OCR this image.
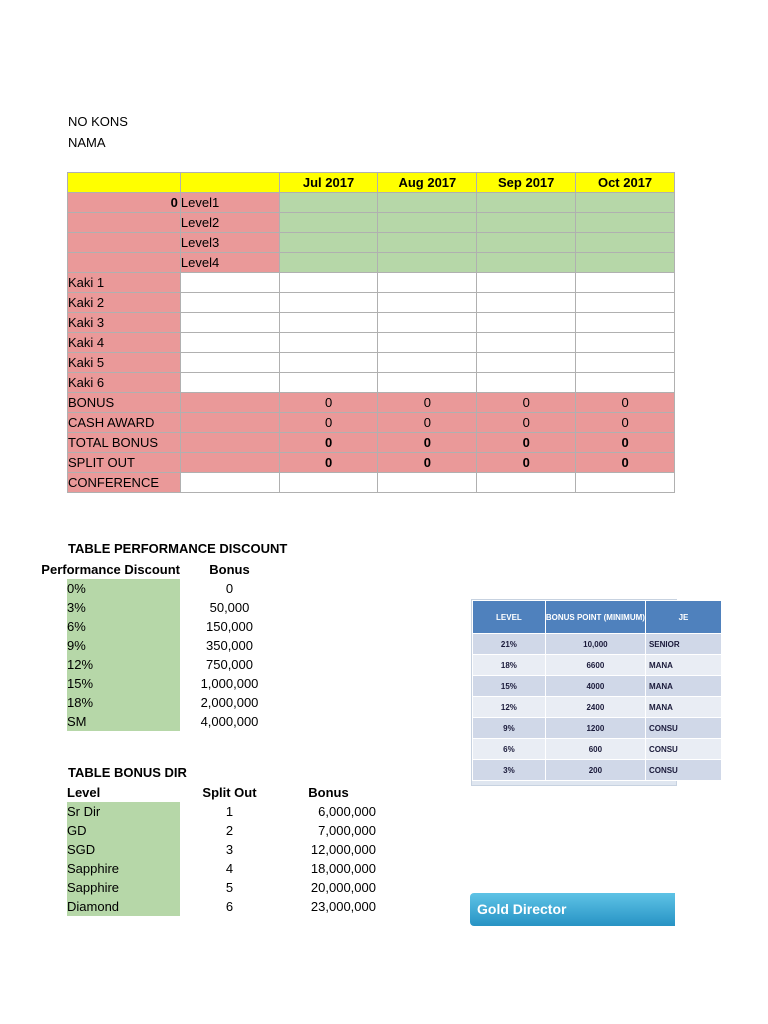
NO KONS
NAMA
		Jul 2017	Aug 2017	Sep 2017	Oct 2017
0	Level1				
	Level2				
	Level3				
	Level4				
Kaki 1					
Kaki 2					
Kaki 3					
Kaki 4					
Kaki 5					
Kaki 6					
BONUS		0	0	0	0
CASH AWARD		0	0	0	0
TOTAL BONUS		0	0	0	0
SPLIT OUT		0	0	0	0
CONFERENCE					
TABLE PERFORMANCE DISCOUNT
Performance Discount	Bonus
0%	0
3%	50,000
6%	150,000
9%	350,000
12%	750,000
15%	1,000,000
18%	2,000,000
SM	4,000,000
TABLE BONUS DIR
Level	Split Out	Bonus
Sr Dir	1	6,000,000
GD	2	7,000,000
SGD	3	12,000,000
Sapphire	4	18,000,000
Sapphire	5	20,000,000
Diamond	6	23,000,000
LEVEL	BONUS POINT (MINIMUM)	JE
21%	10,000	SENIOR
18%	6600	MANA
15%	4000	MANA
12%	2400	MANA
9%	1200	CONSU
6%	600	CONSU
3%	200	CONSU
Gold Director
